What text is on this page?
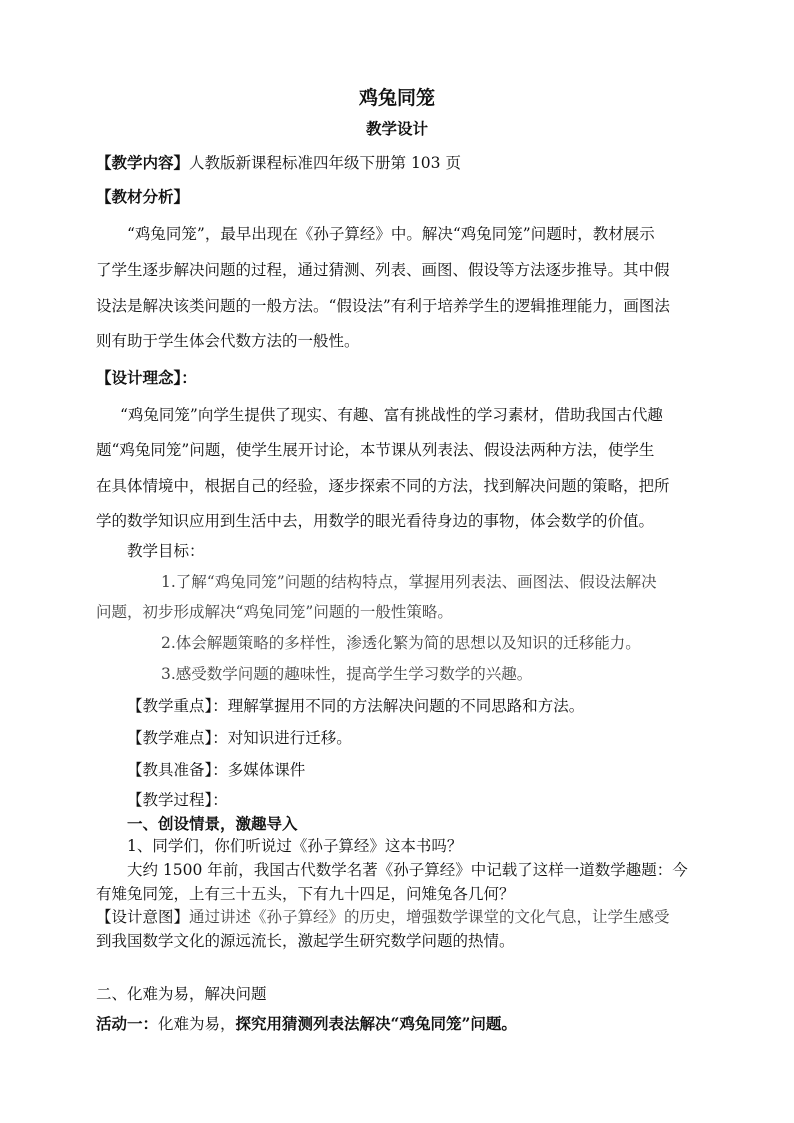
鸡兔同笼
教学设计
【教学内容】人教版新课程标准四年级下册第 103 页
【教材分析】
“鸡兔同笼”，最早出现在《孙子算经》中。解决“鸡兔同笼”问题时，教材展示
了学生逐步解决问题的过程，通过猜测、列表、画图、假设等方法逐步推导。其中假
设法是解决该类问题的一般方法。“假设法”有利于培养学生的逻辑推理能力，画图法
则有助于学生体会代数方法的一般性。
【设计理念】：
“鸡兔同笼”向学生提供了现实、有趣、富有挑战性的学习素材，借助我国古代趣
题“鸡兔同笼”问题，使学生展开讨论，本节课从列表法、假设法两种方法，使学生
在具体情境中，根据自己的经验，逐步探索不同的方法，找到解决问题的策略，把所
学的数学知识应用到生活中去，用数学的眼光看待身边的事物，体会数学的价值。
教学目标：
1.了解“鸡兔同笼”问题的结构特点，掌握用列表法、画图法、假设法解决
问题，初步形成解决“鸡兔同笼”问题的一般性策略。
2.体会解题策略的多样性，渗透化繁为简的思想以及知识的迁移能力。
3.感受数学问题的趣味性，提高学生学习数学的兴趣。
【教学重点】：理解掌握用不同的方法解决问题的不同思路和方法。
【教学难点】：对知识进行迁移。
【教具准备】：多媒体课件
【教学过程】：
一、创设情景，激趣导入
1、同学们，你们听说过《孙子算经》这本书吗？
大约 1500 年前，我国古代数学名著《孙子算经》中记载了这样一道数学趣题：今
有雉兔同笼，上有三十五头，下有九十四足，问雉兔各几何？
【设计意图】通过讲述《孙子算经》的历史，增强数学课堂的文化气息，让学生感受
到我国数学文化的源远流长，激起学生研究数学问题的热情。
二、化难为易，解决问题
活动一：化难为易，探究用猜测列表法解决“鸡兔同笼”问题。
